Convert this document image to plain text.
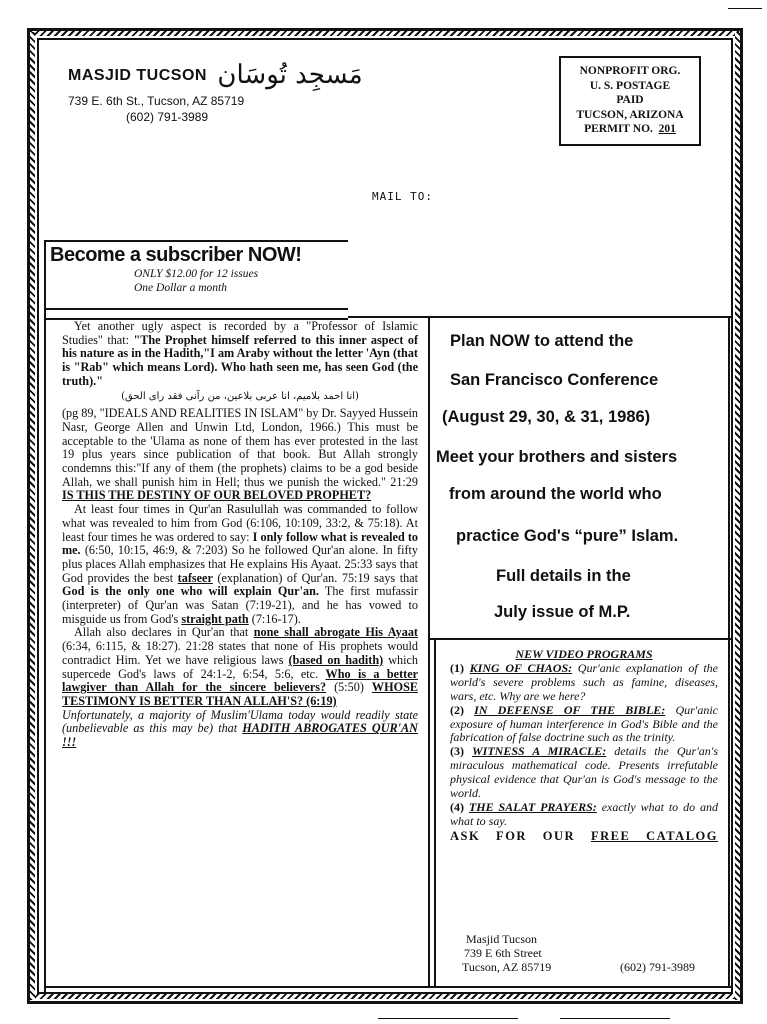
MASJID TUCSON مَسجِد تُوسَان
739 E. 6th St., Tucson, AZ 85719
(602) 791-3989
NONPROFIT ORG.
U. S. POSTAGE
PAID
TUCSON, ARIZONA
PERMIT NO. 201
MAIL TO:
Become a subscriber NOW!
ONLY $12.00 for 12 issues
One Dollar a month

Yet another ugly aspect is recorded by a "Professor of Islamic Studies" that: "The Prophet himself referred to this inner aspect of his nature as in the Hadith,"I am Araby without the letter 'Ayn (that is "Rab" which means Lord). Who hath seen me, has seen God (the truth)."

(انا احمد بلاميم، انا عربى بلاعين، من رآنى فقد راى الحق)

(pg 89, "IDEALS AND REALITIES IN ISLAM" by Dr. Sayyed Hussein Nasr, George Allen and Unwin Ltd, London, 1966.) This must be acceptable to the 'Ulama as none of them has ever protested in the last 19 plus years since publication of that book. But Allah strongly condemns this:"If any of them (the prophets) claims to be a god beside Allah, we shall punish him in Hell; thus we punish the wicked." 21:29 IS THIS THE DESTINY OF OUR BELOVED PROPHET?

At least four times in Qur'an Rasulullah was commanded to follow what was revealed to him from God (6:106, 10:109, 33:2, & 75:18). At least four times he was ordered to say: I only follow what is revealed to me. (6:50, 10:15, 46:9, & 7:203) So he followed Qur'an alone. In fifty plus places Allah emphasizes that He explains His Ayaat. 25:33 says that God provides the best tafseer (explanation) of Qur'an. 75:19 says that God is the only one who will explain Qur'an. The first mufassir (interpreter) of Qur'an was Satan (7:19-21), and he has vowed to misguide us from God's straight path (7:16-17).

Allah also declares in Qur'an that none shall abrogate His Ayaat (6:34, 6:115, & 18:27). 21:28 states that none of His prophets would contradict Him. Yet we have religious laws (based on hadith) which supercede God's laws of 24:1-2, 6:54, 5:6, etc. Who is a better lawgiver than Allah for the sincere believers? (5:50) WHOSE TESTIMONY IS BETTER THAN ALLAH'S? (6:19)

Unfortunately, a majority of Muslim'Ulama today would readily state (unbelievable as this may be) that HADITH ABROGATES QUR'AN !!!

Plan NOW to attend the
San Francisco Conference
(August 29, 30, & 31, 1986)
Meet your brothers and sisters
from around the world who
practice God's “pure” Islam.
Full details in the
July issue of M.P.
NEW VIDEO PROGRAMS
(1) KING OF CHAOS: Qur'anic explanation of the world's severe problems such as famine, diseases, wars, etc. Why are we here?
(2) IN DEFENSE OF THE BIBLE: Qur'anic exposure of human interference in God's Bible and the fabrication of false doctrine such as the trinity.
(3) WITNESS A MIRACLE: details the Qur'an's miraculous mathematical code. Presents irrefutable physical evidence that Qur'an is God's message to the world.
(4) THE SALAT PRAYERS: exactly what to do and what to say.
ASK FOR OUR FREE CATALOG
Masjid Tucson
739 E 6th Street
Tucson, AZ 85719	(602) 791-3989
